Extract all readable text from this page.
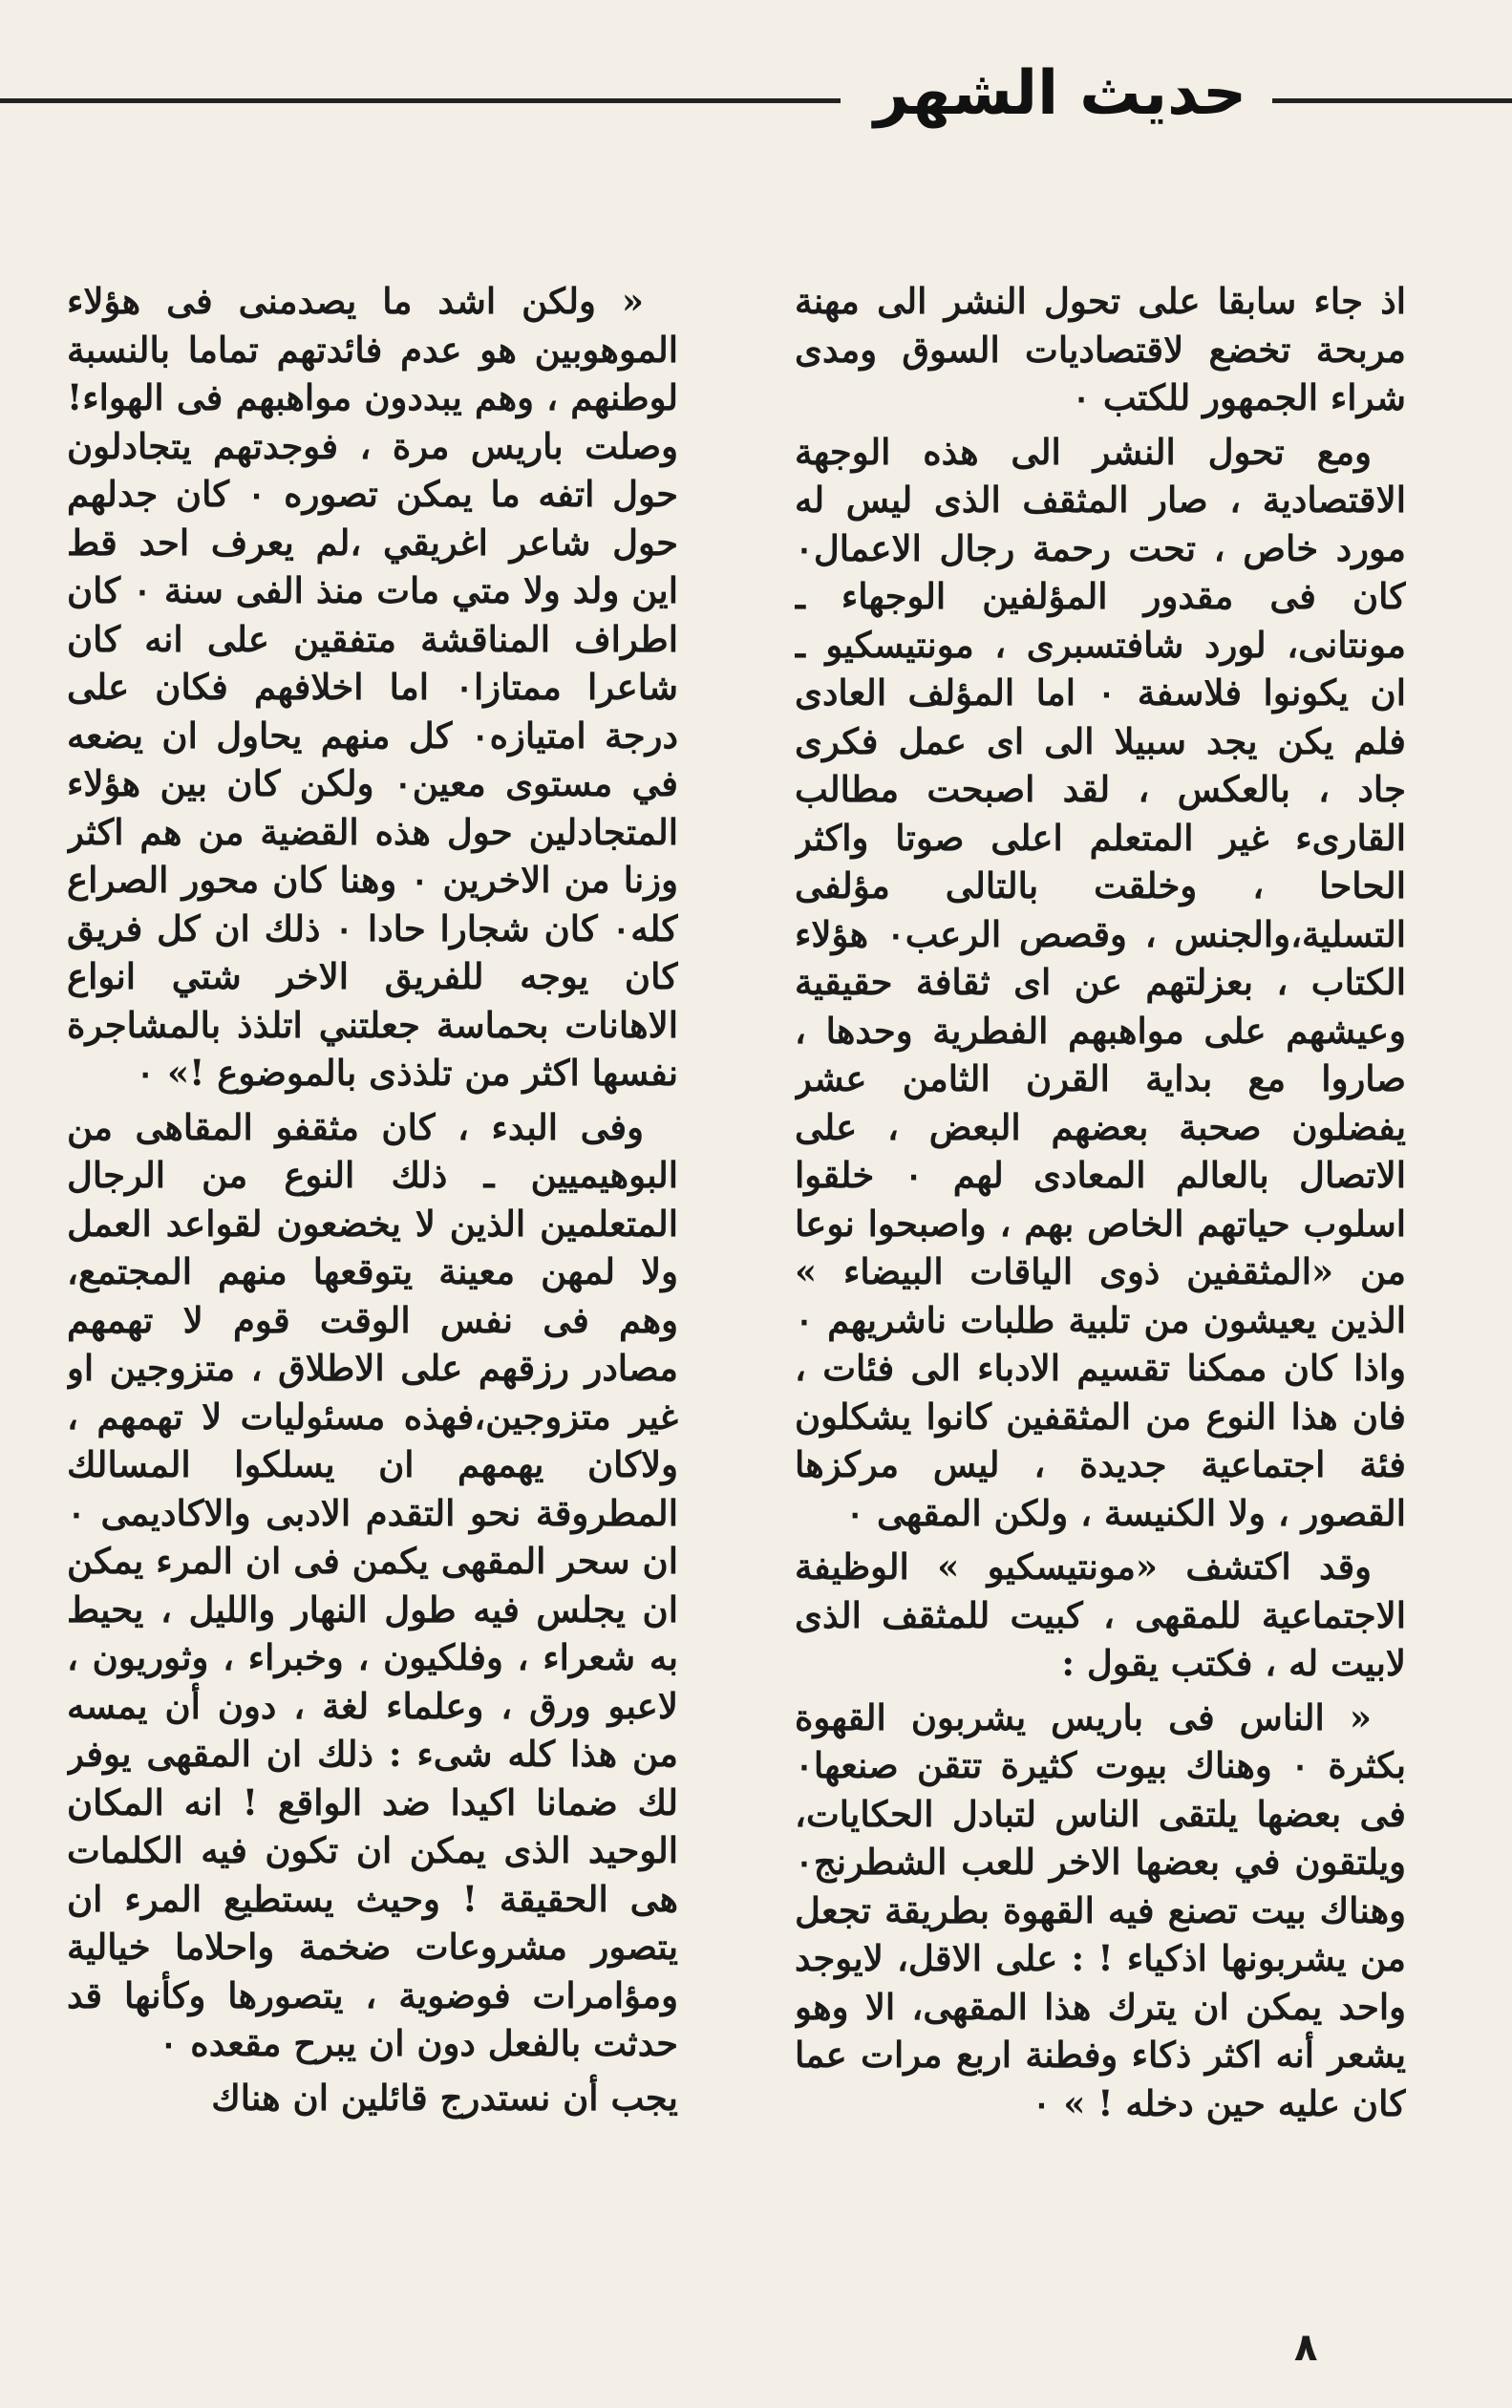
حديث الشهر

اذ جاء سابقا على تحول النشر الى مهنة مربحة تخضع لاقتصاديات السوق ومدى شراء الجمهور للكتب ٠

ومع تحول النشر الى هذه الوجهة الاقتصادية ، صار المثقف الذى ليس له مورد خاص ، تحت رحمة رجال الاعمال٠ كان فى مقدور المؤلفين الوجهاء ـ مونتانى، لورد شافتسبرى ، مونتيسكيو ـ ان يكونوا فلاسفة ٠ اما المؤلف العادى فلم يكن يجد سبيلا الى اى عمل فكرى جاد ، بالعكس ، لقد اصبحت مطالب القارىء غير المتعلم اعلى صوتا واكثر الحاحا ، وخلقت بالتالى مؤلفى التسلية،والجنس ، وقصص الرعب٠ هؤلاء الكتاب ، بعزلتهم عن اى ثقافة حقيقية وعيشهم على مواهبهم الفطرية وحدها ، صاروا مع بداية القرن الثامن عشر يفضلون صحبة بعضهم البعض ، على الاتصال بالعالم المعادى لهم ٠ خلقوا اسلوب حياتهم الخاص بهم ، واصبحوا نوعا من «المثقفين ذوى الياقات البيضاء » الذين يعيشون من تلبية طلبات ناشريهم ٠ واذا كان ممكنا تقسيم الادباء الى فئات ، فان هذا النوع من المثقفين كانوا يشكلون فئة اجتماعية جديدة ، ليس مركزها القصور ، ولا الكنيسة ، ولكن المقهى ٠

وقد اكتشف «مونتيسكيو » الوظيفة الاجتماعية للمقهى ، كبيت للمثقف الذى لابيت له ، فكتب يقول :

« الناس فى باريس يشربون القهوة بكثرة ٠ وهناك بيوت كثيرة تتقن صنعها٠ فى بعضها يلتقى الناس لتبادل الحكايات، ويلتقون في بعضها الاخر للعب الشطرنج٠ وهناك بيت تصنع فيه القهوة بطريقة تجعل من يشربونها اذكياء ! : على الاقل، لايوجد واحد يمكن ان يترك هذا المقهى، الا وهو يشعر أنه اكثر ذكاء وفطنة اربع مرات عما كان عليه حين دخله ! » ٠

« ولكن اشد ما يصدمنى فى هؤلاء الموهوبين هو عدم فائدتهم تماما بالنسبة لوطنهم ، وهم يبددون مواهبهم فى الهواء! وصلت باريس مرة ، فوجدتهم يتجادلون حول اتفه ما يمكن تصوره ٠ كان جدلهم حول شاعر اغريقي ،لم يعرف احد قط اين ولد ولا متي مات منذ الفى سنة ٠ كان اطراف المناقشة متفقين على انه كان شاعرا ممتازا٠ اما اخلافهم فكان على درجة امتيازه٠ كل منهم يحاول ان يضعه في مستوى معين٠ ولكن كان بين هؤلاء المتجادلين حول هذه القضية من هم اكثر وزنا من الاخرين ٠ وهنا كان محور الصراع كله٠ كان شجارا حادا ٠ ذلك ان كل فريق كان يوجه للفريق الاخر شتي انواع الاهانات بحماسة جعلتني اتلذذ بالمشاجرة نفسها اكثر من تلذذى بالموضوع !» ٠

وفى البدء ، كان مثقفو المقاهى من البوهيميين ـ ذلك النوع من الرجال المتعلمين الذين لا يخضعون لقواعد العمل ولا لمهن معينة يتوقعها منهم المجتمع، وهم فى نفس الوقت قوم لا تهمهم مصادر رزقهم على الاطلاق ، متزوجين او غير متزوجين،فهذه مسئوليات لا تهمهم ، ولاكان يهمهم ان يسلكوا المسالك المطروقة نحو التقدم الادبى والاكاديمى ٠ ان سحر المقهى يكمن فى ان المرء يمكن ان يجلس فيه طول النهار والليل ، يحيط به شعراء ، وفلكيون ، وخبراء ، وثوريون ، لاعبو ورق ، وعلماء لغة ، دون أن يمسه من هذا كله شىء : ذلك ان المقهى يوفر لك ضمانا اكيدا ضد الواقع ! انه المكان الوحيد الذى يمكن ان تكون فيه الكلمات هى الحقيقة ! وحيث يستطيع المرء ان يتصور مشروعات ضخمة واحلاما خيالية ومؤامرات فوضوية ، يتصورها وكأنها قد حدثت بالفعل دون ان يبرح مقعده ٠

يجب أن نستدرج قائلين ان هناك

٨
